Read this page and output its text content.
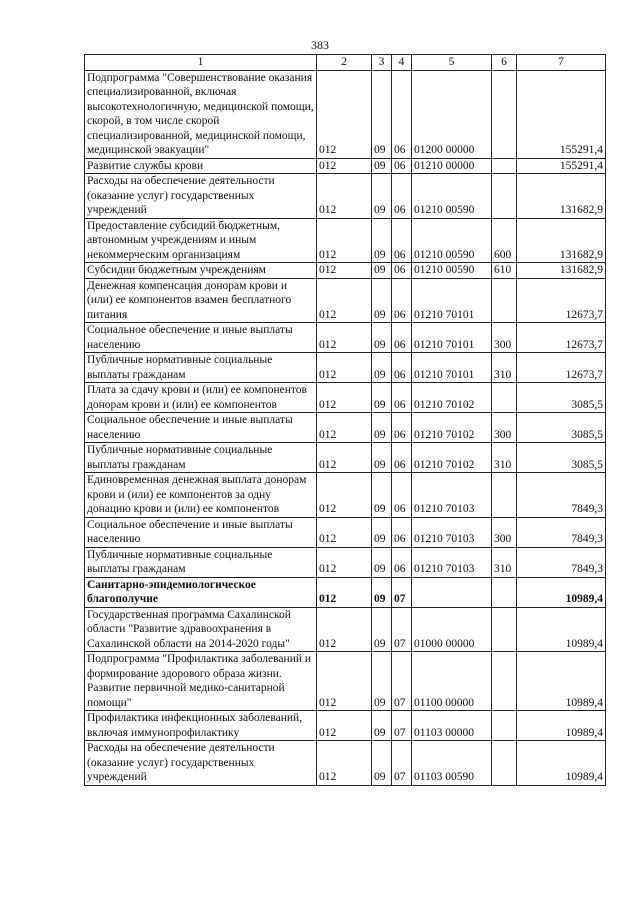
383
1	2	3	4	5	6	7
Подпрограмма "Совершенствование оказания специализированной, включая высокотехнологичную, медицинской помощи, скорой, в том числе скорой специализированной, медицинской помощи, медицинской эвакуации"	012	09	06	01200 00000		155291,4
Развитие службы крови	012	09	06	01210 00000		155291,4
Расходы на обеспечение деятельности (оказание услуг) государственных учреждений	012	09	06	01210 00590		131682,9
Предоставление субсидий бюджетным, автономным учреждениям и иным некоммерческим организациям	012	09	06	01210 00590	600	131682,9
Субсидии бюджетным учреждениям	012	09	06	01210 00590	610	131682,9
Денежная компенсация донорам крови и (или) ее компонентов взамен бесплатного питания	012	09	06	01210 70101		12673,7
Социальное обеспечение и иные выплаты населению	012	09	06	01210 70101	300	12673,7
Публичные нормативные социальные выплаты гражданам	012	09	06	01210 70101	310	12673,7
Плата за сдачу крови и (или) ее компонентов донорам крови и (или) ее компонентов	012	09	06	01210 70102		3085,5
Социальное обеспечение и иные выплаты населению	012	09	06	01210 70102	300	3085,5
Публичные нормативные социальные выплаты гражданам	012	09	06	01210 70102	310	3085,5
Единовременная денежная выплата донорам крови и (или) ее компонентов за одну донацию крови и (или) ее компонентов	012	09	06	01210 70103		7849,3
Социальное обеспечение и иные выплаты населению	012	09	06	01210 70103	300	7849,3
Публичные нормативные социальные выплаты гражданам	012	09	06	01210 70103	310	7849,3
Санитарно-эпидемиологическое благополучие	012	09	07			10989,4
Государственная программа Сахалинской области "Развитие здравоохранения в Сахалинской области на 2014-2020 годы"	012	09	07	01000 00000		10989,4
Подпрограмма "Профилактика заболеваний и формирование здорового образа жизни. Развитие первичной медико-санитарной помощи"	012	09	07	01100 00000		10989,4
Профилактика инфекционных заболеваний, включая иммунопрофилактику	012	09	07	01103 00000		10989,4
Расходы на обеспечение деятельности (оказание услуг) государственных учреждений	012	09	07	01103 00590		10989,4
